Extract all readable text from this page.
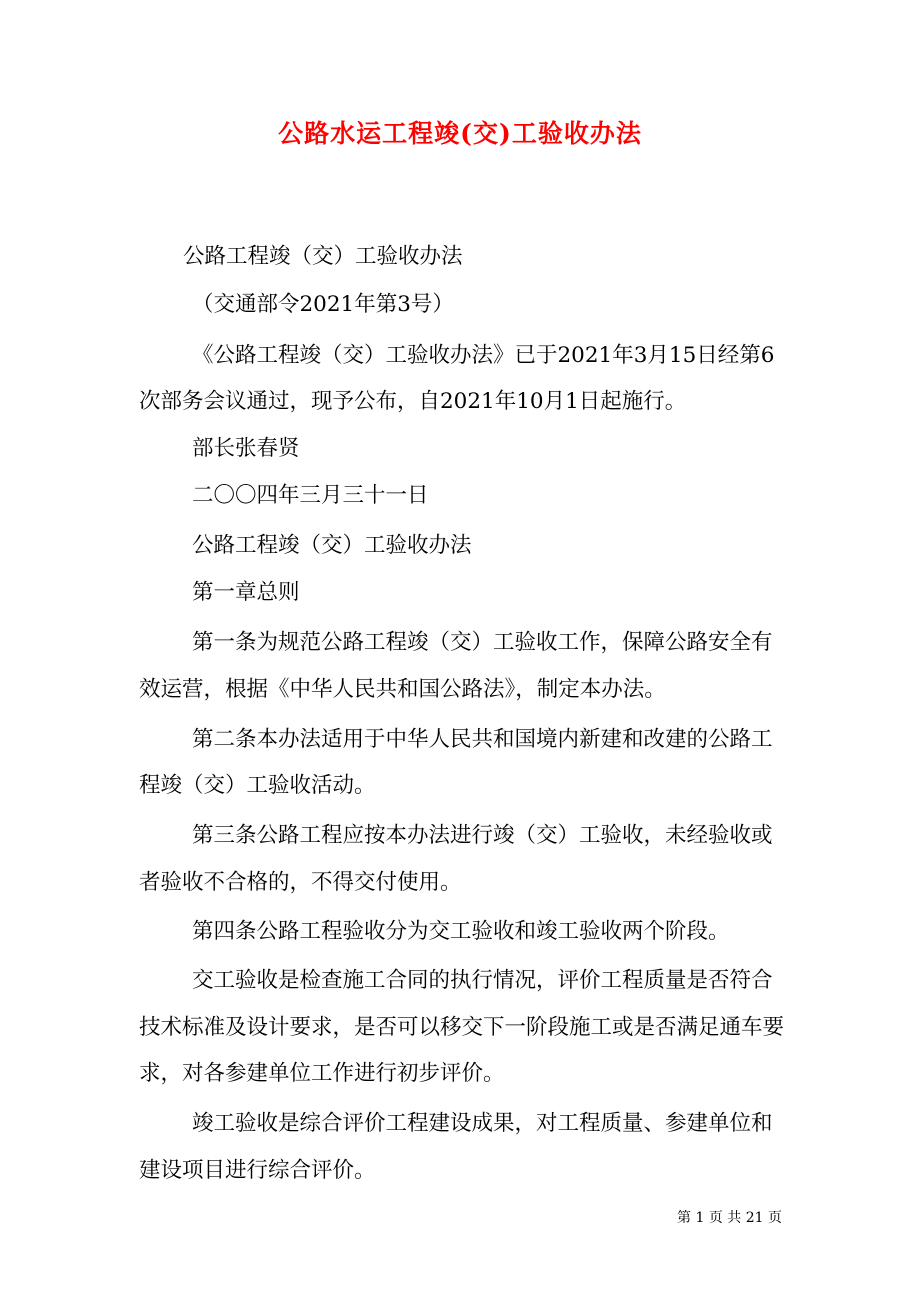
公路水运工程竣(交)工验收办法
公路工程竣（交）工验收办法
（交通部令2021年第3号）
《公路工程竣（交）工验收办法》已于2021年3月15日经第6
次部务会议通过，现予公布，自2021年10月1日起施行。
部长张春贤
二〇〇四年三月三十一日
公路工程竣（交）工验收办法
第一章总则
第一条为规范公路工程竣（交）工验收工作，保障公路安全有
效运营，根据《中华人民共和国公路法》，制定本办法。
第二条本办法适用于中华人民共和国境内新建和改建的公路工
程竣（交）工验收活动。
第三条公路工程应按本办法进行竣（交）工验收，未经验收或
者验收不合格的，不得交付使用。
第四条公路工程验收分为交工验收和竣工验收两个阶段。
交工验收是检查施工合同的执行情况，评价工程质量是否符合
技术标准及设计要求，是否可以移交下一阶段施工或是否满足通车要
求，对各参建单位工作进行初步评价。
竣工验收是综合评价工程建设成果，对工程质量、参建单位和
建设项目进行综合评价。
第 1 页 共 21 页
